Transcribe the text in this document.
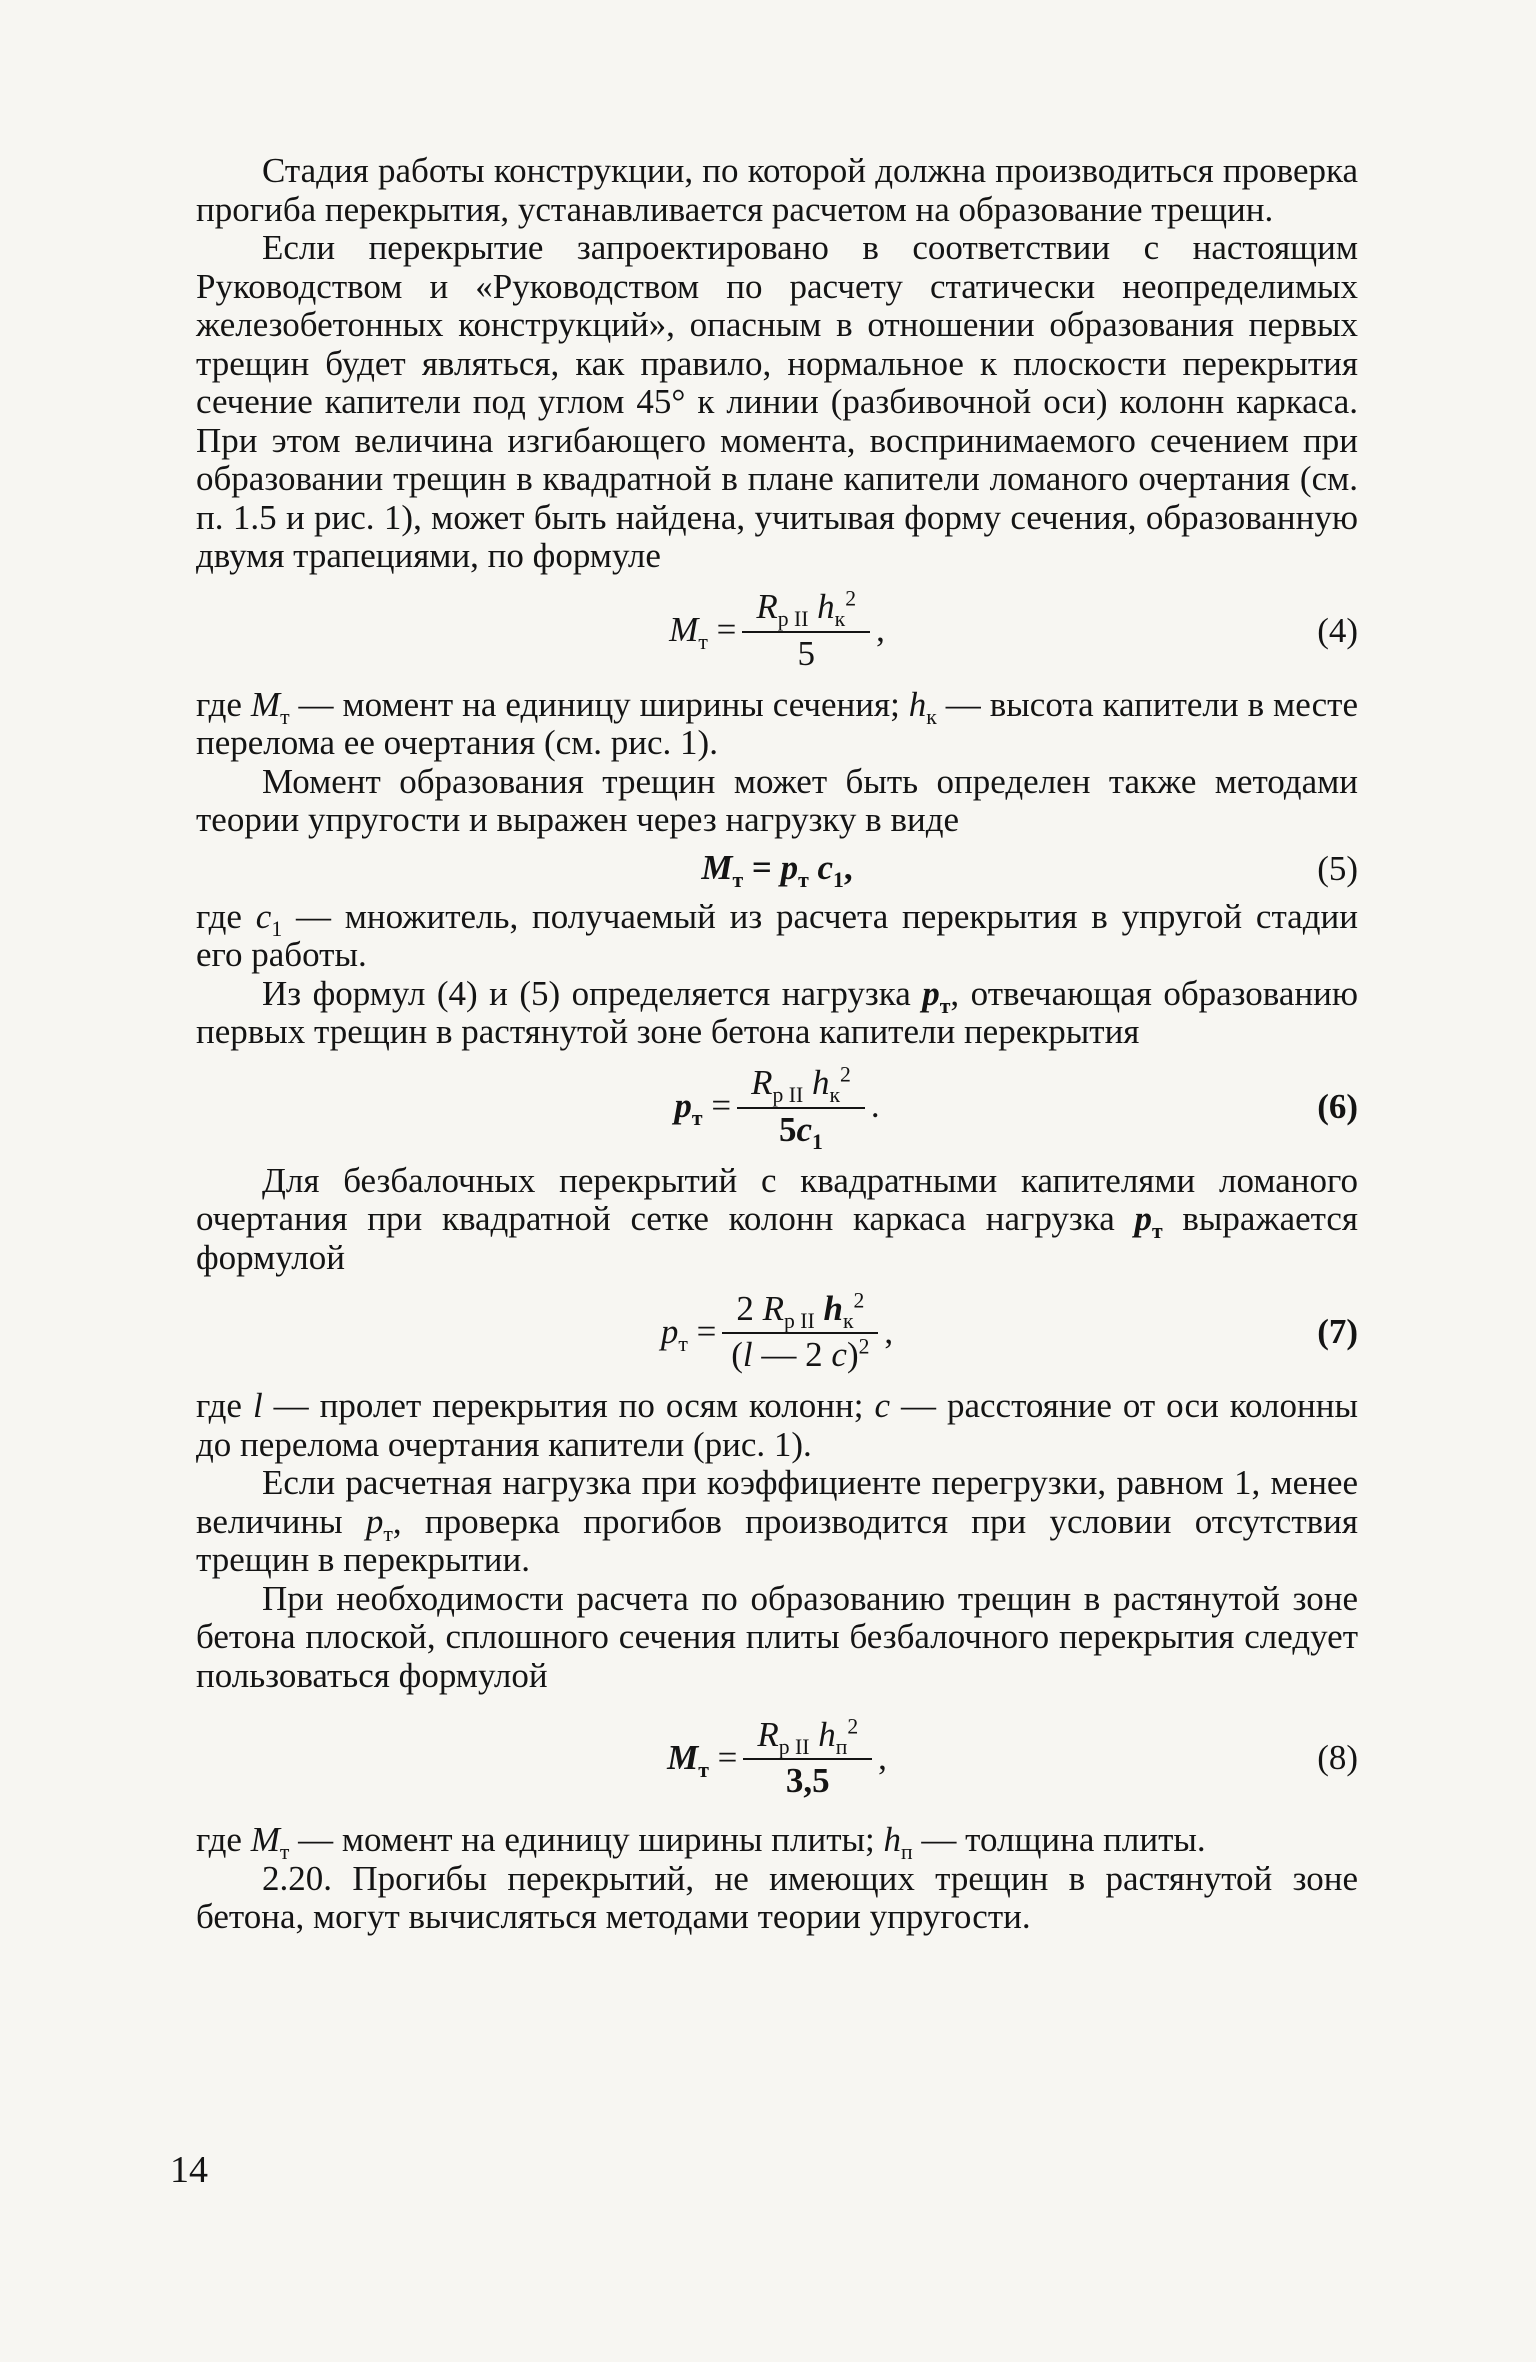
Стадия работы конструкции, по которой должна производиться проверка прогиба перекрытия, устанавливается расчетом на образование трещин.

Если перекрытие запроектировано в соответствии с настоящим Руководством и «Руководством по расчету статически неопределимых железобетонных конструкций», опасным в отношении образования первых трещин будет являться, как правило, нормальное к плоскости перекрытия сечение капители под углом 45° к линии (разбивочной оси) колонн каркаса. При этом величина изгибающего момента, воспринимаемого сечением при образовании трещин в квадратной в плане капители ломаного очертания (см. п. 1.5 и рис. 1), может быть найдена, учитывая форму сечения, образованную двумя трапециями, по формуле

$M_т = \frac{R_{р II} h_к^2}{5}$ ,	(4)

где $M_т$ — момент на единицу ширины сечения; $h_к$ — высота капители в месте перелома ее очертания (см. рис. 1).

Момент образования трещин может быть определен также методами теории упругости и выражен через нагрузку в виде

$M_т = р_т$ $c_1$,	(5)

где $c_1$ — множитель, получаемый из расчета перекрытия в упругой стадии его работы.

Из формул (4) и (5) определяется нагрузка $р_т$, отвечающая образованию первых трещин в растянутой зоне бетона капители перекрытия

$р_т = \frac{R_{р II} h_к^2}{5c_1}$ .	(6)

Для безбалочных перекрытий с квадратными капителями ломаного очертания при квадратной сетке колонн каркаса нагрузка $р_т$ выражается формулой

$р_т = \frac{2 R_{р II} h_к^2}{(l — 2 c)^2}$ ,	(7)

где l — пролет перекрытия по осям колонн; c — расстояние от оси колонны до перелома очертания капители (рис. 1).

Если расчетная нагрузка при коэффициенте перегрузки, равном 1, менее величины $р_т$, проверка прогибов производится при условии отсутствия трещин в перекрытии.

При необходимости расчета по образованию трещин в растянутой зоне бетона плоской, сплошного сечения плиты безбалочного перекрытия следует пользоваться формулой

$M_т = \frac{R_{р II} h_п^2}{3,5}$ ,	(8)

где $M_т$ — момент на единицу ширины плиты; $h_п$ — толщина плиты.

2.20. Прогибы перекрытий, не имеющих трещин в растянутой зоне бетона, могут вычисляться методами теории упругости.

14
